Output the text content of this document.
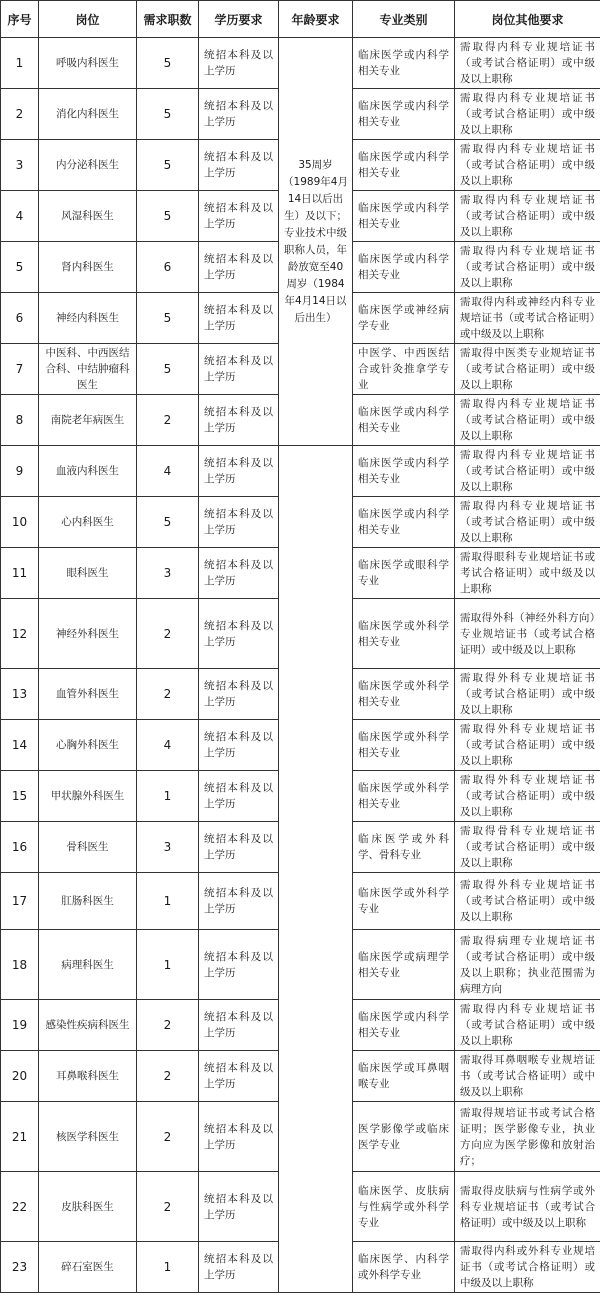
序号	岗位	需求职数	学历要求	年龄要求	专业类别	岗位其他要求
1	呼吸内科医生	5	统招本科及以上学历	35周岁（1989年4月14日以后出生）及以下；专业技术中级职称人员，年龄放宽至40周岁（1984年4月14日以后出生）	临床医学或内科学相关专业	需取得内科专业规培证书（或考试合格证明）或中级及以上职称
2	消化内科医生	5	统招本科及以上学历		临床医学或内科学相关专业	需取得内科专业规培证书（或考试合格证明）或中级及以上职称
3	内分泌科医生	5	统招本科及以上学历		临床医学或内科学相关专业	需取得内科专业规培证书（或考试合格证明）或中级及以上职称
4	风湿科医生	5	统招本科及以上学历		临床医学或内科学相关专业	需取得内科专业规培证书（或考试合格证明）或中级及以上职称
5	肾内科医生	6	统招本科及以上学历		临床医学或内科学相关专业	需取得内科专业规培证书（或考试合格证明）或中级及以上职称
6	神经内科医生	5	统招本科及以上学历		临床医学或神经病学专业	需取得内科或神经内科专业规培证书（或考试合格证明）或中级及以上职称
7	中医科、中西医结合科、中结肿瘤科医生	5	统招本科及以上学历		中医学、中西医结合或针灸推拿学专业	需取得中医类专业规培证书（或考试合格证明）或中级及以上职称
8	南院老年病医生	2	统招本科及以上学历		临床医学或内科学相关专业	需取得内科专业规培证书（或考试合格证明）或中级及以上职称
9	血液内科医生	4	统招本科及以上学历		临床医学或内科学相关专业	需取得内科专业规培证书（或考试合格证明）或中级及以上职称
10	心内科医生	5	统招本科及以上学历		临床医学或内科学相关专业	需取得内科专业规培证书（或考试合格证明）或中级及以上职称
11	眼科医生	3	统招本科及以上学历		临床医学或眼科学专业	需取得眼科专业规培证书或考试合格证明）或中级及以上职称
12	神经外科医生	2	统招本科及以上学历		临床医学或外科学相关专业	需取得外科（神经外科方向）专业规培证书（或考试合格证明）或中级及以上职称
13	血管外科医生	2	统招本科及以上学历		临床医学或外科学相关专业	需取得外科专业规培证书（或考试合格证明）或中级及以上职称
14	心胸外科医生	4	统招本科及以上学历		临床医学或外科学相关专业	需取得外科专业规培证书（或考试合格证明）或中级及以上职称
15	甲状腺外科医生	1	统招本科及以上学历		临床医学或外科学相关专业	需取得外科专业规培证书（或考试合格证明）或中级及以上职称
16	骨科医生	3	统招本科及以上学历		临床医学或外科学、骨科专业	需取得骨科专业规培证书（或考试合格证明）或中级及以上职称
17	肛肠科医生	1	统招本科及以上学历		临床医学或外科学专业	需取得外科专业规培证书（或考试合格证明）或中级及以上职称
18	病理科医生	1	统招本科及以上学历		临床医学或病理学相关专业	需取得病理专业规培证书（或考试合格证明）或中级及以上职称；执业范围需为病理方向
19	感染性疾病科医生	2	统招本科及以上学历		临床医学或内科学相关专业	需取得内科专业规培证书（或考试合格证明）或中级及以上职称
20	耳鼻喉科医生	2	统招本科及以上学历		临床医学或耳鼻咽喉专业	需取得耳鼻咽喉专业规培证书（或考试合格证明）或中级及以上职称
21	核医学科医生	2	统招本科及以上学历		医学影像学或临床医学专业	需取得规培证书或考试合格证明；医学影像专业，执业方向应为医学影像和放射治疗；
22	皮肤科医生	2	统招本科及以上学历		临床医学、皮肤病与性病学或外科学专业	需取得皮肤病与性病学或外科专业规培证书（或考试合格证明）或中级及以上职称
23	碎石室医生	1	统招本科及以上学历		临床医学、内科学或外科学专业	需取得内科或外科专业规培证书（或考试合格证明）或中级及以上职称
